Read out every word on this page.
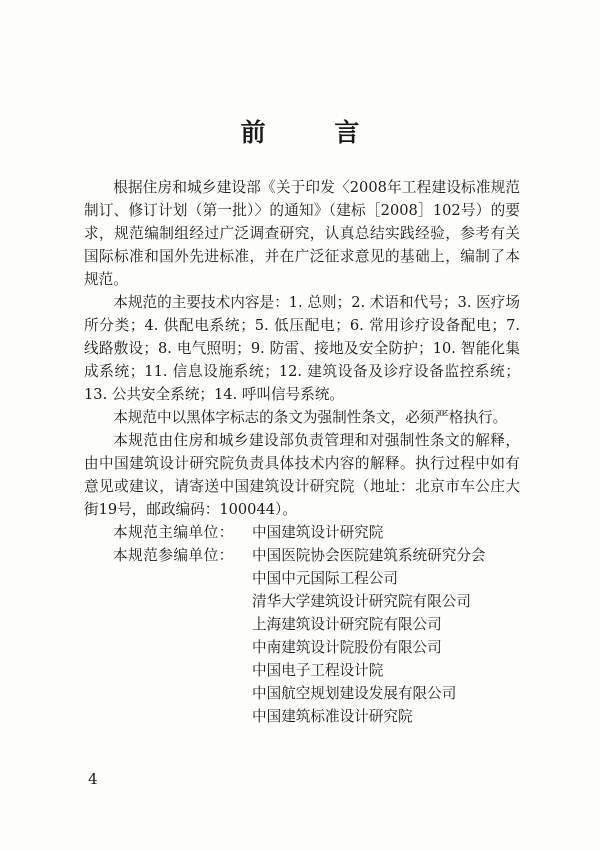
前 言

根据住房和城乡建设部《关于印发〈2008年工程建设标准规范制订、修订计划（第一批）〉的通知》（建标［2008］102号）的要求，规范编制组经过广泛调查研究，认真总结实践经验，参考有关国际标准和国外先进标准，并在广泛征求意见的基础上，编制了本规范。

本规范的主要技术内容是：1. 总则；2. 术语和代号；3. 医疗场所分类；4. 供配电系统；5. 低压配电；6. 常用诊疗设备配电；7. 线路敷设；8. 电气照明；9. 防雷、接地及安全防护；10. 智能化集成系统；11. 信息设施系统；12. 建筑设备及诊疗设备监控系统；13. 公共安全系统；14. 呼叫信号系统。

本规范中以黑体字标志的条文为强制性条文，必须严格执行。

本规范由住房和城乡建设部负责管理和对强制性条文的解释，由中国建筑设计研究院负责具体技术内容的解释。执行过程中如有意见或建议，请寄送中国建筑设计研究院（地址：北京市车公庄大街19号，邮政编码：100044）。

本规范主编单位：	中国建筑设计研究院
本规范参编单位：	中国医院协会医院建筑系统研究分会
中国中元国际工程公司
清华大学建筑设计研究院有限公司
上海建筑设计研究院有限公司
中南建筑设计院股份有限公司
中国电子工程设计院
中国航空规划建设发展有限公司
中国建筑标准设计研究院
4
